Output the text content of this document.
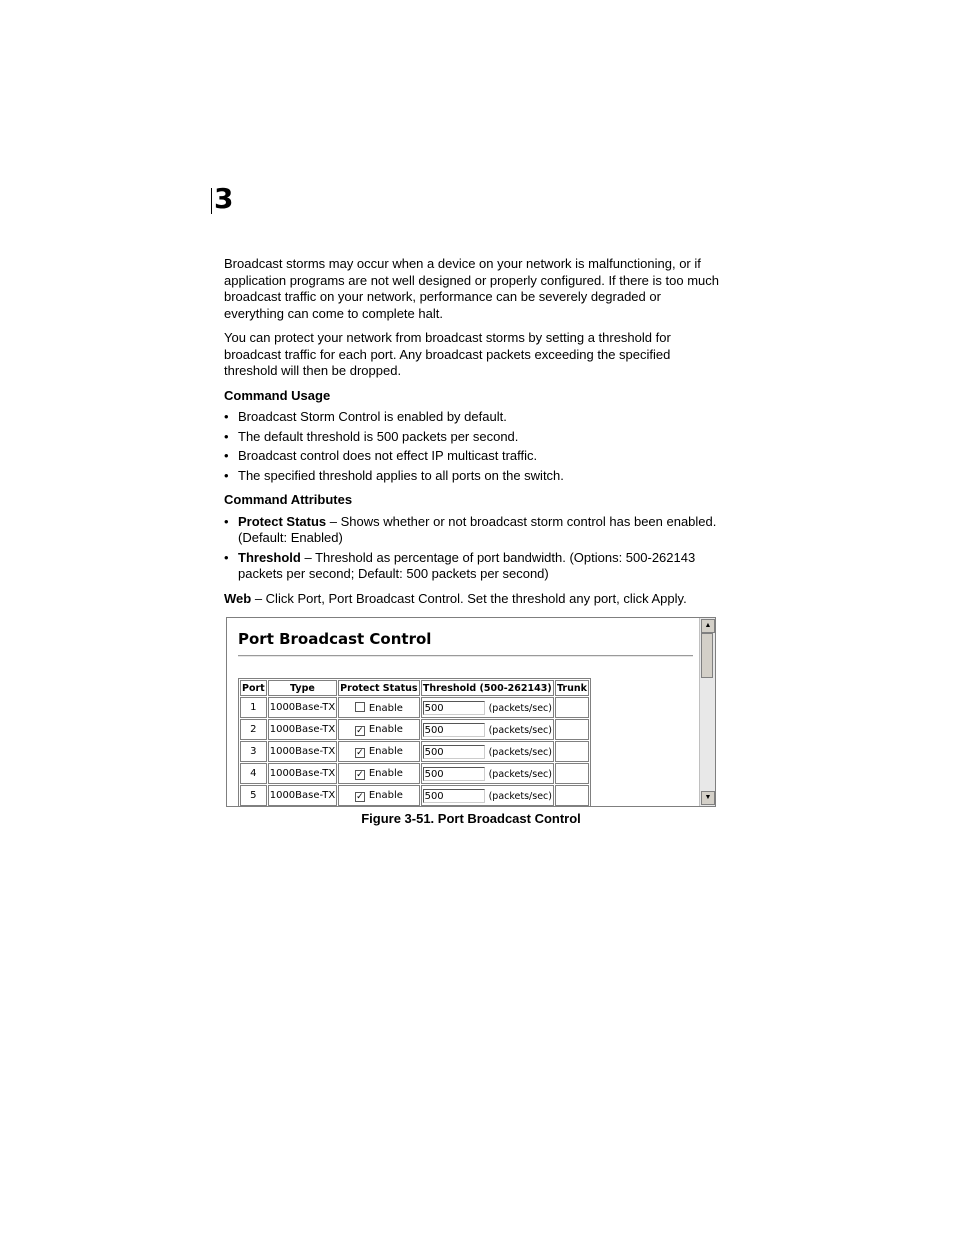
3

Broadcast storms may occur when a device on your network is malfunctioning, or if application programs are not well designed or properly configured. If there is too much broadcast traffic on your network, performance can be severely degraded or everything can come to complete halt.

You can protect your network from broadcast storms by setting a threshold for broadcast traffic for each port. Any broadcast packets exceeding the specified threshold will then be dropped.

Command Usage
• Broadcast Storm Control is enabled by default.
• The default threshold is 500 packets per second.
• Broadcast control does not effect IP multicast traffic.
• The specified threshold applies to all ports on the switch.
Command Attributes
• Protect Status – Shows whether or not broadcast storm control has been enabled. (Default: Enabled)
• Threshold – Threshold as percentage of port bandwidth. (Options: 500-262143 packets per second; Default: 500 packets per second)

Web – Click Port, Port Broadcast Control. Set the threshold any port, click Apply.

Port Broadcast Control
Port	Type	Protect Status	Threshold (500-262143)	Trunk
1	1000Base-TX	Enable	500 (packets/sec)	
2	1000Base-TX	✓ Enable	500 (packets/sec)	
3	1000Base-TX	✓ Enable	500 (packets/sec)	
4	1000Base-TX	✓ Enable	500 (packets/sec)	
5	1000Base-TX	✓ Enable	500 (packets/sec)	
▲
▼
Figure 3-51. Port Broadcast Control
